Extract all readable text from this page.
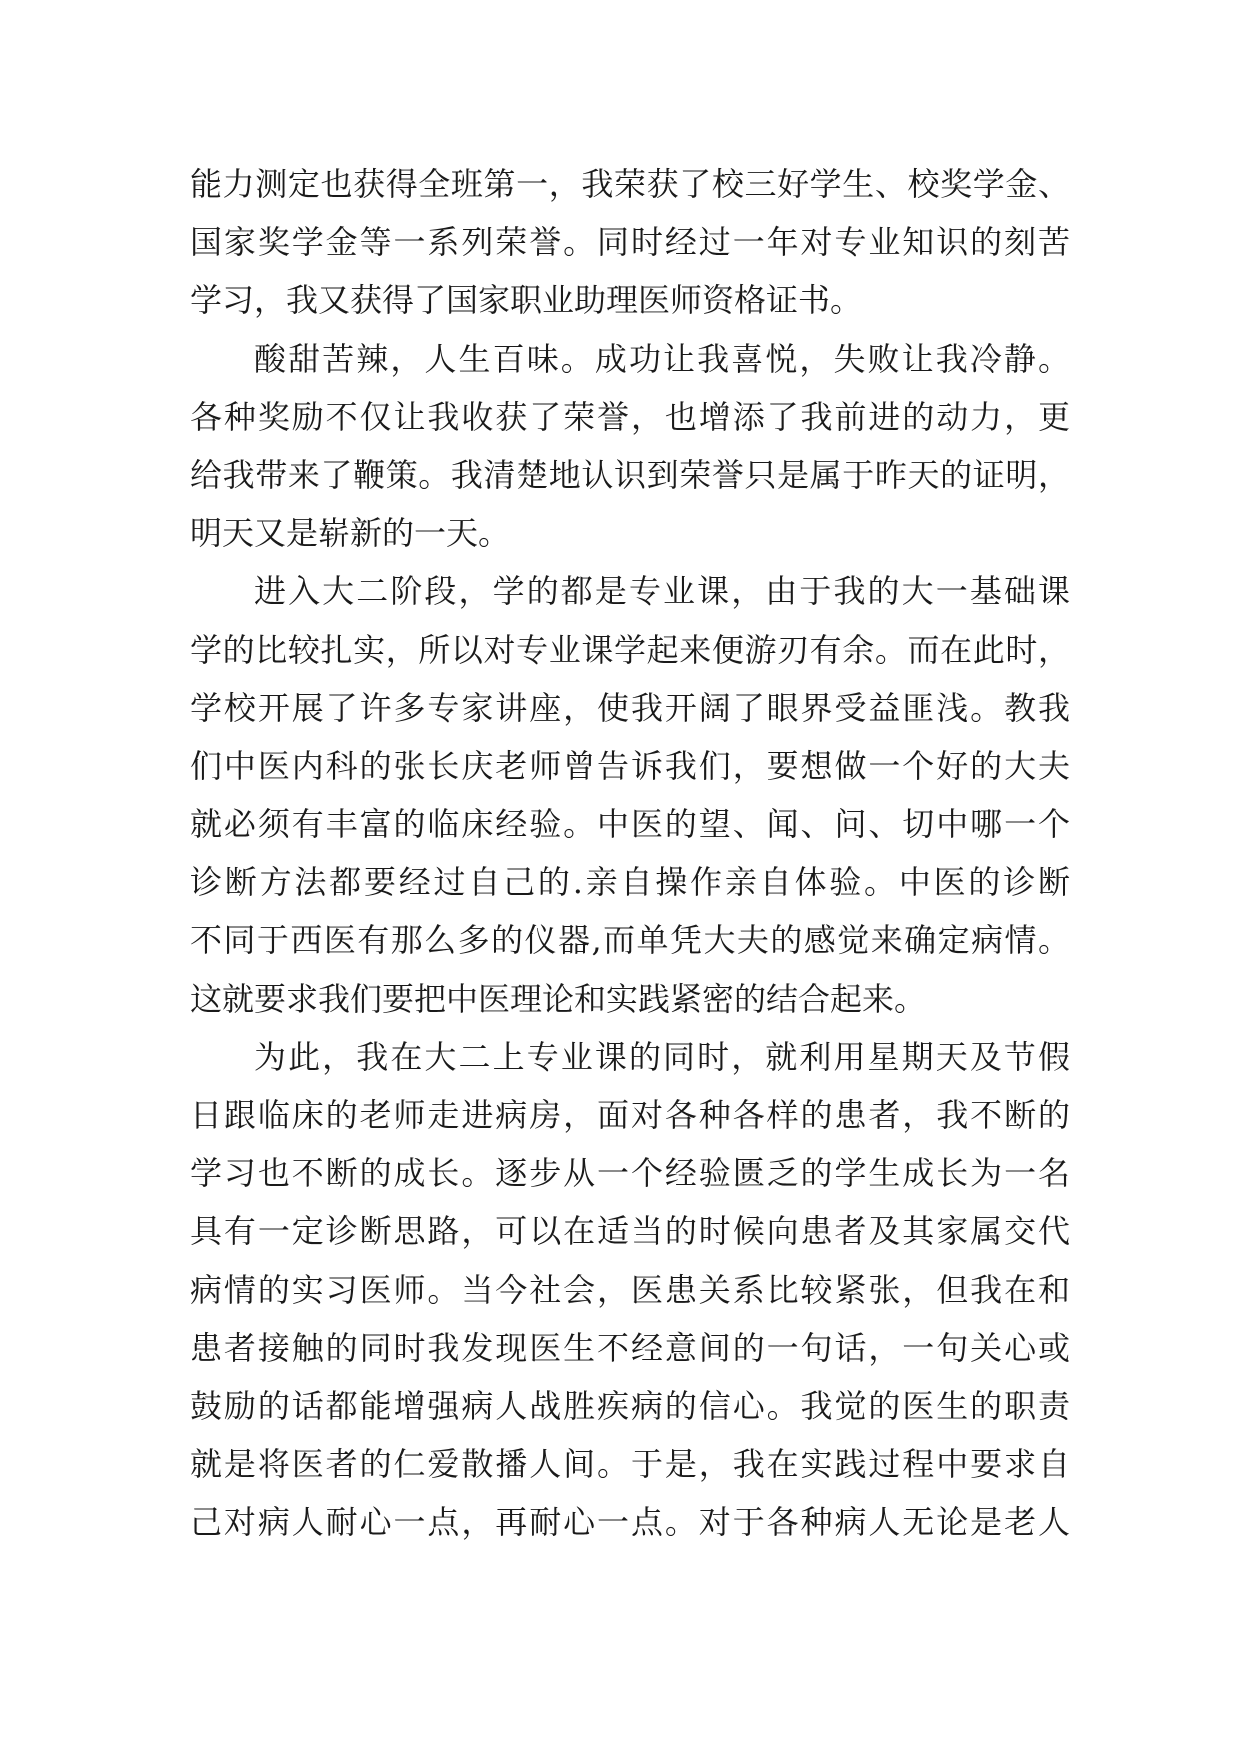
能力测定也获得全班第一，我荣获了校三好学生、校奖学金、
国家奖学金等一系列荣誉。同时经过一年对专业知识的刻苦
学习，我又获得了国家职业助理医师资格证书。
酸甜苦辣，人生百味。成功让我喜悦，失败让我冷静。
各种奖励不仅让我收获了荣誉，也增添了我前进的动力，更
给我带来了鞭策。我清楚地认识到荣誉只是属于昨天的证明，
明天又是崭新的一天。
进入大二阶段，学的都是专业课，由于我的大一基础课
学的比较扎实，所以对专业课学起来便游刃有余。而在此时，
学校开展了许多专家讲座，使我开阔了眼界受益匪浅。教我
们中医内科的张长庆老师曾告诉我们，要想做一个好的大夫
就必须有丰富的临床经验。中医的望、闻、问、切中哪一个
诊断方法都要经过自己的.亲自操作亲自体验。中医的诊断
不同于西医有那么多的仪器,而单凭大夫的感觉来确定病情。
这就要求我们要把中医理论和实践紧密的结合起来。
为此，我在大二上专业课的同时，就利用星期天及节假
日跟临床的老师走进病房，面对各种各样的患者，我不断的
学习也不断的成长。逐步从一个经验匮乏的学生成长为一名
具有一定诊断思路，可以在适当的时候向患者及其家属交代
病情的实习医师。当今社会，医患关系比较紧张，但我在和
患者接触的同时我发现医生不经意间的一句话，一句关心或
鼓励的话都能增强病人战胜疾病的信心。我觉的医生的职责
就是将医者的仁爱散播人间。于是，我在实践过程中要求自
己对病人耐心一点，再耐心一点。对于各种病人无论是老人
